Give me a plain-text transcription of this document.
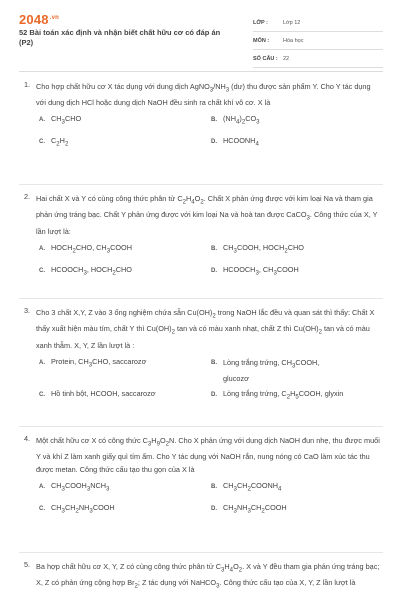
$2048^{.vn}$
52 Bài toán xác định và nhận biết chất hữu cơ có đáp án (P2)
LỚP :	Lớp 12
MÔN :	Hóa học
SỐ CÂU : 22
1. Cho hợp chất hữu cơ X tác dụng với dung dịch $AgNO_3/NH_3$ (dư) thu được sản phẩm Y. Cho Y tác dụng với dung dịch HCl hoặc dung dịch NaOH đều sinh ra chất khí vô cơ. X là
A. $CH_3CHO$	B. $(NH_4)_2CO_3$
C. $C_2H_2$	D. $HCOONH_4$
2. Hai chất X và Y có cùng công thức phân tử $C_2H_4O_2$. Chất X phản ứng được với kim loại Na và tham gia phản ứng tráng bạc. Chất Y phản ứng được với kim loại Na và hoà tan được CaCO$_3$. Công thức của X, Y lần lượt là:
A. $HOCH_2CHO$, $CH_3COOH$	B. $CH_3COOH$, $HOCH_2CHO$
C. $HCOOCH_3$, $HOCH_2CHO$	D. $HCOOCH_3$, $CH_3COOH$
3. Cho 3 chất X,Y, Z vào 3 ống nghiệm chứa sẵn $Cu(OH)_2$ trong NaOH lắc đều và quan sát thì thấy: Chất X thấy xuất hiện màu tím, chất Y thì $Cu(OH)_2$ tan và có màu xanh nhạt, chất Z thì $Cu(OH)_2$ tan và có màu xanh thẫm. X, Y, Z lần lượt là :
A. Protein, $CH_3CHO$, saccarozơ	B. Lòng trắng trứng, $CH_3COOH$, glucozơ
C. Hồ tinh bột, HCOOH, saccarozơ	D. Lòng trắng trứng, $C_2H_5COOH$, glyxin
4. Một chất hữu cơ X có công thức $C_3H_9O_2N$. Cho X phản ứng với dung dịch NaOH đun nhẹ, thu được muối Y và khí Z làm xanh giấy quì tím ẩm. Cho Y tác dụng với NaOH rắn, nung nóng có CaO làm xúc tác thu được metan. Công thức cấu tạo thu gọn của X là
A. $CH_3COOH_3NCH_3$	B. $CH_3CH_2COONH_4$
C. $CH_3CH_2NH_3COOH$	D. $CH_3NH_3CH_2COOH$
5. Ba hợp chất hữu cơ X, Y, Z có cùng công thức phân tử $C_3H_4O_2$. X và Y đều tham gia phản ứng tráng bạc; X, Z có phản ứng cộng hợp $Br_2$; Z tác dụng với NaHCO$_3$. Công thức cấu tạo của X, Y, Z lần lượt là
